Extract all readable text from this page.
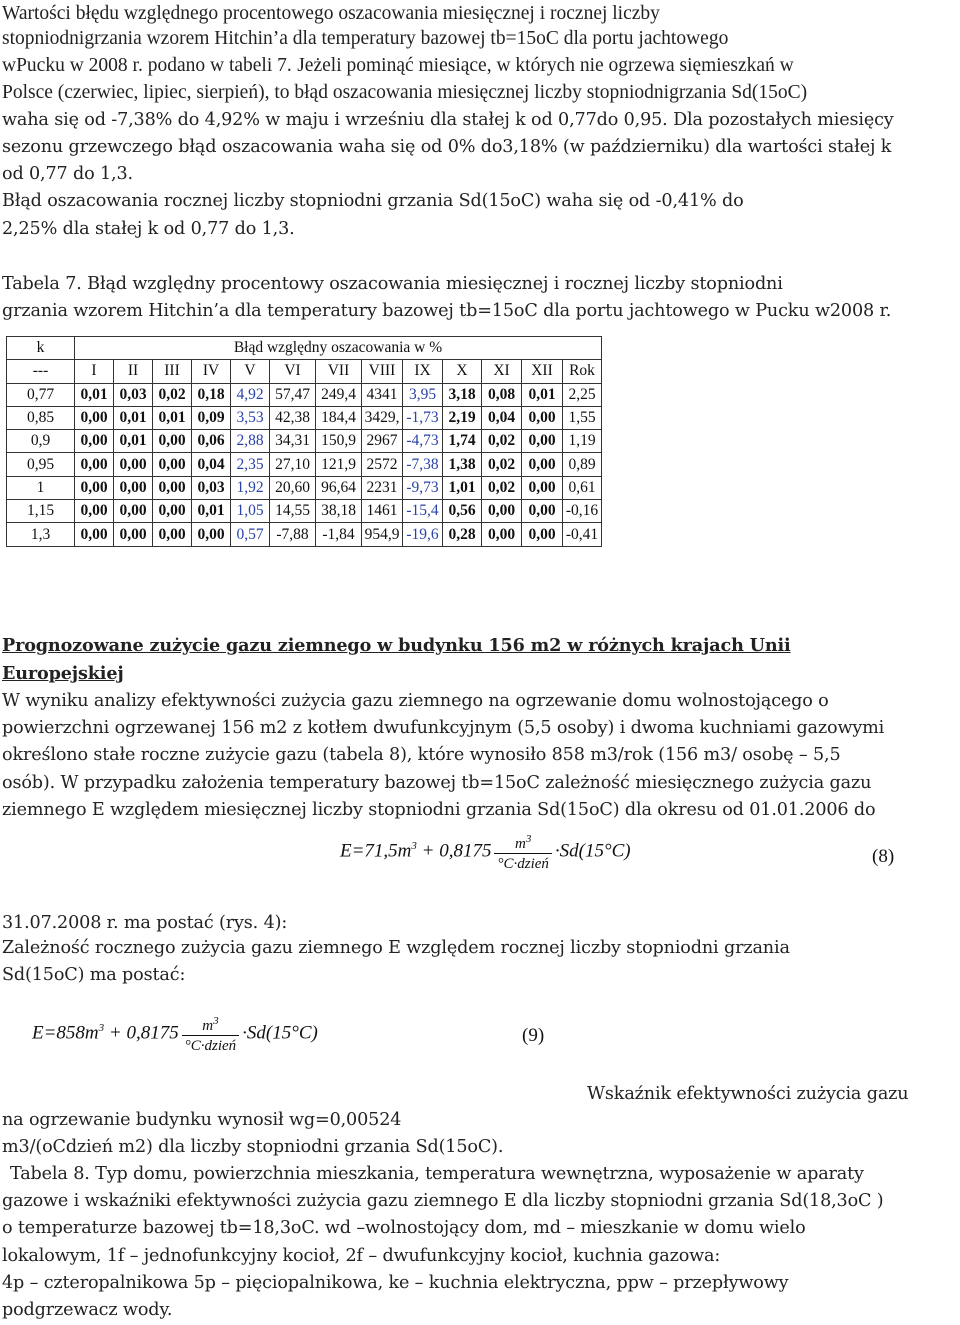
Wartości błędu względnego procentowego oszacowania miesięcznej i rocznej liczby
stopniodnigrzania wzorem Hitchin’a dla temperatury bazowej tb=15oC dla portu jachtowego
wPucku w 2008 r. podano w tabeli 7. Jeżeli pominąć miesiące, w których nie ogrzewa sięmieszkań w
Polsce (czerwiec, lipiec, sierpień), to błąd oszacowania miesięcznej liczby stopniodnigrzania Sd(15oC)
waha się od -7,38% do 4,92% w maju i wrześniu dla stałej k od 0,77do 0,95. Dla pozostałych miesięcy
sezonu grzewczego błąd oszacowania waha się od 0% do3,18% (w październiku) dla wartości stałej k
od 0,77 do 1,3.
Błąd oszacowania rocznej liczby stopniodni grzania Sd(15oC) waha się od -0,41% do
2,25% dla stałej k od 0,77 do 1,3.
Tabela 7. Błąd względny procentowy oszacowania miesięcznej i rocznej liczby stopniodni
grzania wzorem Hitchin’a dla temperatury bazowej tb=15oC dla portu jachtowego w Pucku w2008 r.
k	Błąd względny oszacowania w %												
---	I	II	III	IV	V	VI	VII	VIII	IX	X	XI	XII	Rok
0,77	0,01	0,03	0,02	0,18	4,92	57,47	249,4	4341	3,95	3,18	0,08	0,01	2,25
0,85	0,00	0,01	0,01	0,09	3,53	42,38	184,4	3429,	-1,73	2,19	0,04	0,00	1,55
0,9	0,00	0,01	0,00	0,06	2,88	34,31	150,9	2967	-4,73	1,74	0,02	0,00	1,19
0,95	0,00	0,00	0,00	0,04	2,35	27,10	121,9	2572	-7,38	1,38	0,02	0,00	0,89
1	0,00	0,00	0,00	0,03	1,92	20,60	96,64	2231	-9,73	1,01	0,02	0,00	0,61
1,15	0,00	0,00	0,00	0,01	1,05	14,55	38,18	1461	-15,4	0,56	0,00	0,00	-0,16
1,3	0,00	0,00	0,00	0,00	0,57	-7,88	-1,84	954,9	-19,6	0,28	0,00	0,00	-0,41
Prognozowane zużycie gazu ziemnego w budynku 156 m2 w różnych krajach Unii
Europejskiej
W wyniku analizy efektywności zużycia gazu ziemnego na ogrzewanie domu wolnostojącego o
powierzchni ogrzewanej 156 m2 z kotłem dwufunkcyjnym (5,5 osoby) i dwoma kuchniami gazowymi
określono stałe roczne zużycie gazu (tabela 8), które wynosiło 858 m3/rok (156 m3/ osobę – 5,5
osób). W przypadku założenia temperatury bazowej tb=15oC zależność miesięcznego zużycia gazu
ziemnego E względem miesięcznej liczby stopniodni grzania Sd(15oC) dla okresu od 01.01.2006 do
$E=71,5m^3 + 0,8175 \frac{m^3}{\text{°C·dzień}} \cdot Sd(15^\circ C)$	(8)
31.07.2008 r. ma postać (rys. 4):
Zależność rocznego zużycia gazu ziemnego E względem rocznej liczby stopniodni grzania
Sd(15oC) ma postać:
$E=858m^3 + 0,8175 \frac{m^3}{\text{°C·dzień}} \cdot Sd(15^\circ C)$	(9)
Wskaźnik efektywności zużycia gazu
na ogrzewanie budynku wynosił wg=0,00524
m3/(oCdzień m2) dla liczby stopniodni grzania Sd(15oC).
Tabela 8. Typ domu, powierzchnia mieszkania, temperatura wewnętrzna, wyposażenie w aparaty
gazowe i wskaźniki efektywności zużycia gazu ziemnego E dla liczby stopniodni grzania Sd(18,3oC )
o temperaturze bazowej tb=18,3oC. wd –wolnostojący dom, md – mieszkanie w domu wielo
lokalowym, 1f – jednofunkcyjny kocioł, 2f – dwufunkcyjny kocioł, kuchnia gazowa:
4p – czteropalnikowa 5p – pięciopalnikowa, ke – kuchnia elektryczna, ppw – przepływowy
podgrzewacz wody.
